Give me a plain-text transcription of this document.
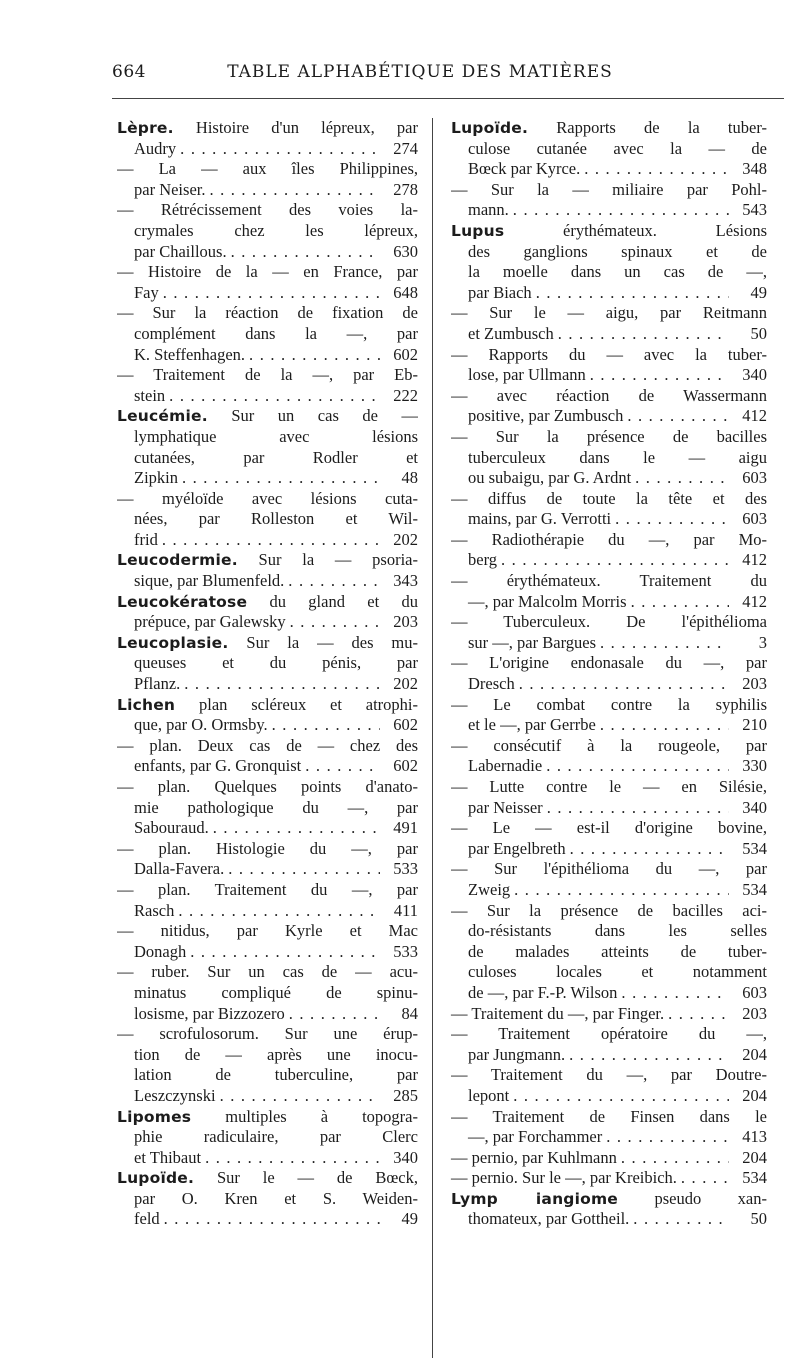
664	TABLE ALPHABÉTIQUE DES MATIÈRES
Lèpre. Histoire d'un lépreux, par
Audry . . .	274
— La — aux îles Philippines,
par Neiser. . . .	278
— Rétrécissement des voies la-
crymales chez les lépreux,
par Chaillous. . . .	630
— Histoire de la — en France, par
Fay . . .	648
— Sur la réaction de fixation de
complément dans la —, par
K. Steffenhagen. . . .	602
— Traitement de la —, par Eb-
stein . . .	222
Leucémie. Sur un cas de —
lymphatique avec lésions
cutanées, par Rodler et
Zipkin . . .	48
— myéloïde avec lésions cuta-
nées, par Rolleston et Wil-
frid . . .	202
Leucodermie. Sur la — psoria-
sique, par Blumenfeld. . . .	343
Leucokératose du gland et du
prépuce, par Galewsky . . .	203
Leucoplasie. Sur la — des mu-
queuses et du pénis, par
Pflanz. . . .	202
Lichen plan scléreux et atrophi-
que, par O. Ormsby. . . .	602
— plan. Deux cas de — chez des
enfants, par G. Gronquist . . .	602
— plan. Quelques points d'anato-
mie pathologique du —, par
Sabouraud. . . .	491
— plan. Histologie du —, par
Dalla-Favera. . . .	533
— plan. Traitement du —, par
Rasch . . .	411
— nitidus, par Kyrle et Mac
Donagh . . .	533
— ruber. Sur un cas de — acu-
minatus compliqué de spinu-
losisme, par Bizzozero . . .	84
— scrofulosorum. Sur une érup-
tion de — après une inocu-
lation de tuberculine, par
Leszczynski . . .	285
Lipomes multiples à topogra-
phie radiculaire, par Clerc
et Thibaut . . .	340
Lupoïde. Sur le — de Bœck,
par O. Kren et S. Weiden-
feld . . .	49
Lupoïde. Rapports de la tuber-
culose cutanée avec la — de
Bœck par Kyrce. . . .	348
— Sur la — miliaire par Pohl-
mann. . . .	543
Lupus érythémateux. Lésions
des ganglions spinaux et de
la moelle dans un cas de —,
par Biach . . .	49
— Sur le — aigu, par Reitmann
et Zumbusch . . .	50
— Rapports du — avec la tuber-
lose, par Ullmann . . .	340
— avec réaction de Wassermann
positive, par Zumbusch . . .	412
— Sur la présence de bacilles
tuberculeux dans le — aigu
ou subaigu, par G. Ardnt . . .	603
— diffus de toute la tête et des
mains, par G. Verrotti . . .	603
— Radiothérapie du —, par Mo-
berg . . .	412
— érythémateux. Traitement du
—, par Malcolm Morris . . .	412
— Tuberculeux. De l'épithélioma
sur —, par Bargues . . .	3
— L'origine endonasale du —, par
Dresch . . .	203
— Le combat contre la syphilis
et le —, par Gerrbe . . .	210
— consécutif à la rougeole, par
Labernadie . . .	330
— Lutte contre le — en Silésie,
par Neisser . . .	340
— Le — est-il d'origine bovine,
par Engelbreth . . .	534
— Sur l'épithélioma du —, par
Zweig . . .	534
— Sur la présence de bacilles aci-
do-résistants dans les selles
de malades atteints de tuber-
culoses locales et notamment
de —, par F.-P. Wilson . . .	603
— Traitement du —, par Finger. . . .	203
— Traitement opératoire du —,
par Jungmann. . . .	204
— Traitement du —, par Doutre-
lepont . . .	204
— Traitement de Finsen dans le
—, par Forchammer . . .	413
— pernio, par Kuhlmann . . .	204
— pernio. Sur le —, par Kreibich. . . .	534
Lymp iangiome pseudo xan-
thomateux, par Gottheil. . . .	50
